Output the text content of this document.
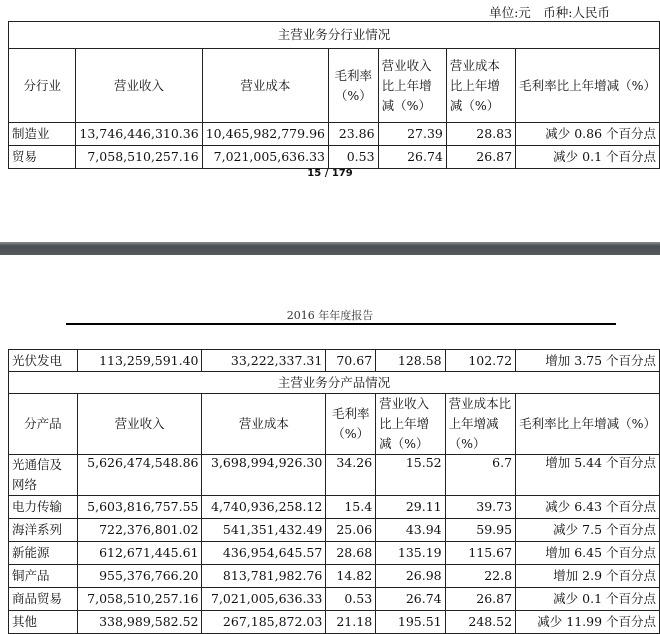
单位:元　币种:人民币
主营业务分行业情况						
分行业	营业收入	营业成本	毛利率（%）	营业收入比上年增减（%）	营业成本比上年增减（%）	毛利率比上年增减（%）
制造业	13,746,446,310.36	10,465,982,779.96	23.86	27.39	28.83	减少 0.86 个百分点
贸易	7,058,510,257.16	7,021,005,636.33	0.53	26.74	26.87	减少 0.1 个百分点
15 / 179
2016 年年度报告
光伏发电	113,259,591.40	33,222,337.31	70.67	128.58	102.72	增加 3.75 个百分点
主营业务分产品情况						
分产品	营业收入	营业成本	毛利率（%）	营业收入比上年增减（%）	营业成本比上年增减（%）	毛利率比上年增减（%）
光通信及网络	5,626,474,548.86	3,698,994,926.30	34.26	15.52	6.7	增加 5.44 个百分点
电力传输	5,603,816,757.55	4,740,936,258.12	15.4	29.11	39.73	减少 6.43 个百分点
海洋系列	722,376,801.02	541,351,432.49	25.06	43.94	59.95	减少 7.5 个百分点
新能源	612,671,445.61	436,954,645.57	28.68	135.19	115.67	增加 6.45 个百分点
铜产品	955,376,766.20	813,781,982.76	14.82	26.98	22.8	增加 2.9 个百分点
商品贸易	7,058,510,257.16	7,021,005,636.33	0.53	26.74	26.87	减少 0.1 个百分点
其他	338,989,582.52	267,185,872.03	21.18	195.51	248.52	减少 11.99 个百分点
